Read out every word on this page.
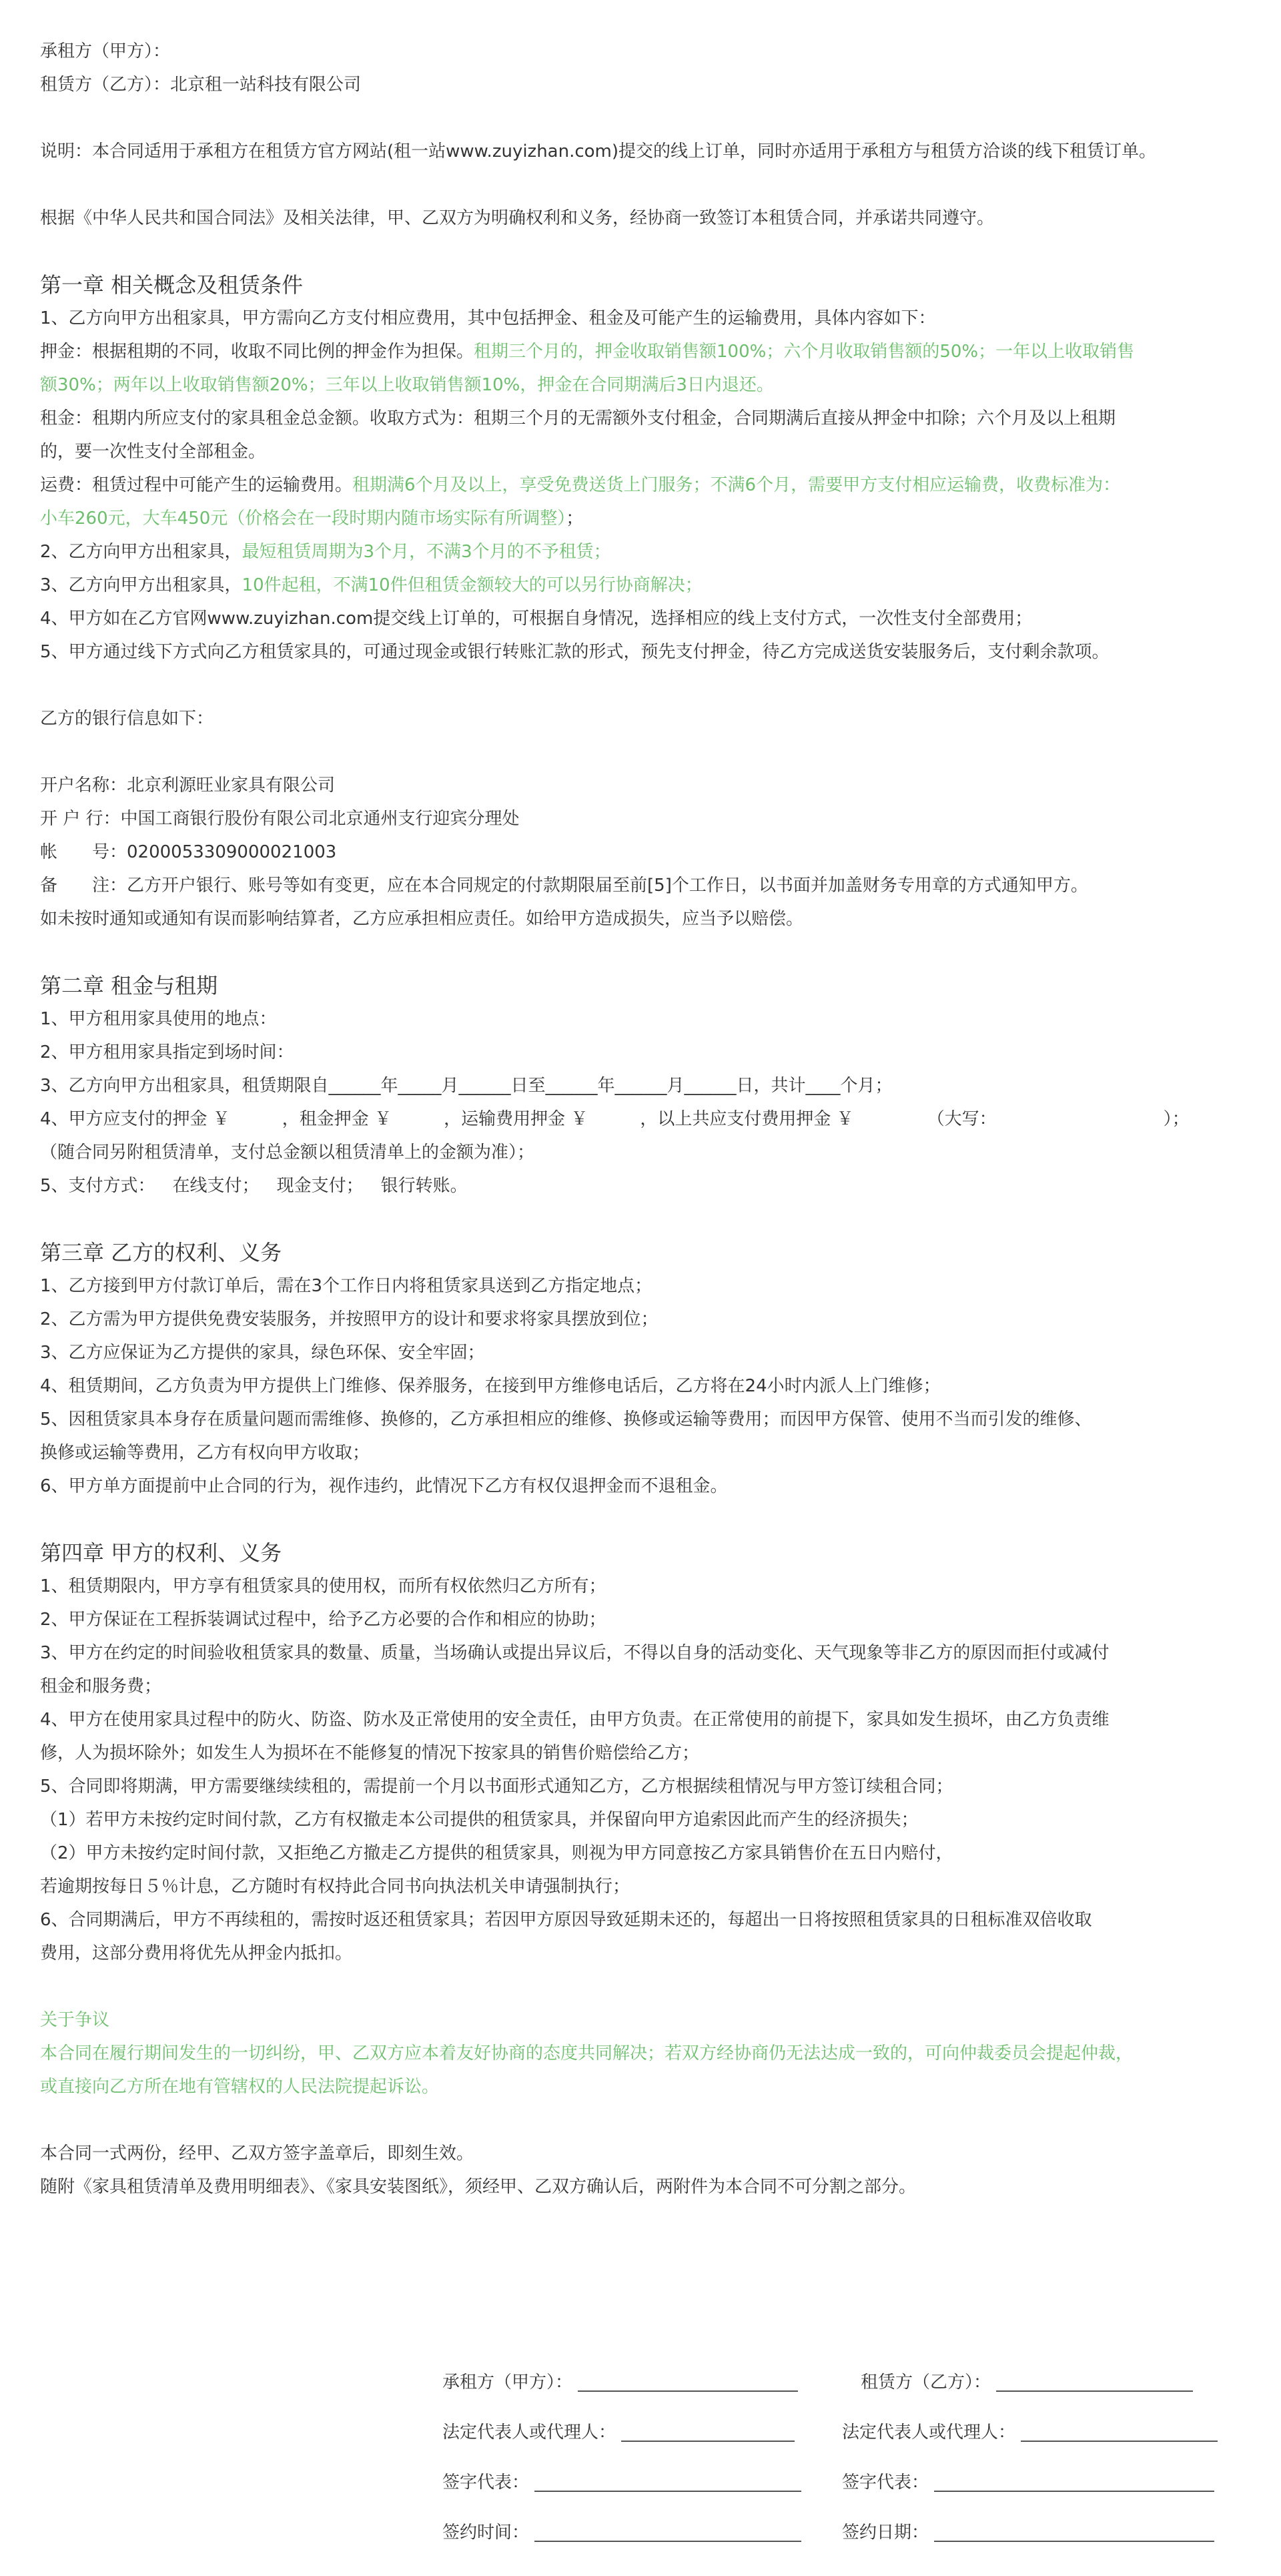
承租方（甲方）：
租赁方（乙方）：北京租一站科技有限公司
说明：本合同适用于承租方在租赁方官方网站(租一站www.zuyizhan.com)提交的线上订单，同时亦适用于承租方与租赁方洽谈的线下租赁订单。
根据《中华人民共和国合同法》及相关法律，甲、乙双方为明确权利和义务，经协商一致签订本租赁合同，并承诺共同遵守。
第一章 相关概念及租赁条件
1、乙方向甲方出租家具，甲方需向乙方支付相应费用，其中包括押金、租金及可能产生的运输费用，具体内容如下：
押金：根据租期的不同，收取不同比例的押金作为担保。租期三个月的，押金收取销售额100%；六个月收取销售额的50%；一年以上收取销售
额30%；两年以上收取销售额20%；三年以上收取销售额10%，押金在合同期满后3日内退还。
租金：租期内所应支付的家具租金总金额。收取方式为：租期三个月的无需额外支付租金，合同期满后直接从押金中扣除；六个月及以上租期
的，要一次性支付全部租金。
运费：租赁过程中可能产生的运输费用。租期满6个月及以上，享受免费送货上门服务；不满6个月，需要甲方支付相应运输费，收费标准为：
小车260元，大车450元（价格会在一段时期内随市场实际有所调整）；
2、乙方向甲方出租家具，最短租赁周期为3个月，不满3个月的不予租赁；
3、乙方向甲方出租家具，10件起租，不满10件但租赁金额较大的可以另行协商解决；
4、甲方如在乙方官网www.zuyizhan.com提交线上订单的，可根据自身情况，选择相应的线上支付方式，一次性支付全部费用；
5、甲方通过线下方式向乙方租赁家具的，可通过现金或银行转账汇款的形式，预先支付押金，待乙方完成送货安装服务后，支付剩余款项。
乙方的银行信息如下：
开户名称：北京利源旺业家具有限公司
开 户 行：中国工商银行股份有限公司北京通州支行迎宾分理处
帐　　号：0200053309000021003
备　　注：乙方开户银行、账号等如有变更，应在本合同规定的付款期限届至前[5]个工作日，以书面并加盖财务专用章的方式通知甲方。
如未按时通知或通知有误而影响结算者，乙方应承担相应责任。如给甲方造成损失，应当予以赔偿。
第二章 租金与租期
1、甲方租用家具使用的地点：
2、甲方租用家具指定到场时间：
3、乙方向甲方出租家具，租赁期限自______年_____月______日至______年______月______日，共计____个月；
4、甲方应支付的押金 ￥　　　，租金押金 ￥　　　，运输费用押金 ￥　　　，以上共应支付费用押金 ￥	（大写：	）；
（随合同另附租赁清单，支付总金额以租赁清单上的金额为准）；
5、支付方式： 在线支付； 现金支付； 银行转账。
第三章 乙方的权利、义务
1、乙方接到甲方付款订单后，需在3个工作日内将租赁家具送到乙方指定地点；
2、乙方需为甲方提供免费安装服务，并按照甲方的设计和要求将家具摆放到位；
3、乙方应保证为乙方提供的家具，绿色环保、安全牢固；
4、租赁期间，乙方负责为甲方提供上门维修、保养服务，在接到甲方维修电话后，乙方将在24小时内派人上门维修；
5、因租赁家具本身存在质量问题而需维修、换修的，乙方承担相应的维修、换修或运输等费用；而因甲方保管、使用不当而引发的维修、
换修或运输等费用，乙方有权向甲方收取；
6、甲方单方面提前中止合同的行为，视作违约，此情况下乙方有权仅退押金而不退租金。
第四章 甲方的权利、义务
1、租赁期限内，甲方享有租赁家具的使用权，而所有权依然归乙方所有；
2、甲方保证在工程拆装调试过程中，给予乙方必要的合作和相应的协助；
3、甲方在约定的时间验收租赁家具的数量、质量，当场确认或提出异议后，不得以自身的活动变化、天气现象等非乙方的原因而拒付或减付
租金和服务费；
4、甲方在使用家具过程中的防火、防盗、防水及正常使用的安全责任，由甲方负责。在正常使用的前提下，家具如发生损坏，由乙方负责维
修，人为损坏除外；如发生人为损坏在不能修复的情况下按家具的销售价赔偿给乙方；
5、合同即将期满，甲方需要继续续租的，需提前一个月以书面形式通知乙方，乙方根据续租情况与甲方签订续租合同；
（1）若甲方未按约定时间付款，乙方有权撤走本公司提供的租赁家具，并保留向甲方追索因此而产生的经济损失；
（2）甲方未按约定时间付款，又拒绝乙方撤走乙方提供的租赁家具，则视为甲方同意按乙方家具销售价在五日内赔付，
若逾期按每日５％计息，乙方随时有权持此合同书向执法机关申请强制执行；
6、合同期满后，甲方不再续租的，需按时返还租赁家具；若因甲方原因导致延期未还的，每超出一日将按照租赁家具的日租标准双倍收取
费用，这部分费用将优先从押金内抵扣。
关于争议
本合同在履行期间发生的一切纠纷，甲、乙双方应本着友好协商的态度共同解决；若双方经协商仍无法达成一致的，可向仲裁委员会提起仲裁，
或直接向乙方所在地有管辖权的人民法院提起诉讼。
本合同一式两份，经甲、乙双方签字盖章后，即刻生效。
随附《家具租赁清单及费用明细表》、《家具安装图纸》，须经甲、乙双方确认后，两附件为本合同不可分割之部分。
承租方（甲方）：	租赁方（乙方）：
法定代表人或代理人：	法定代表人或代理人：
签字代表：	签字代表：
签约时间：	签约日期：
